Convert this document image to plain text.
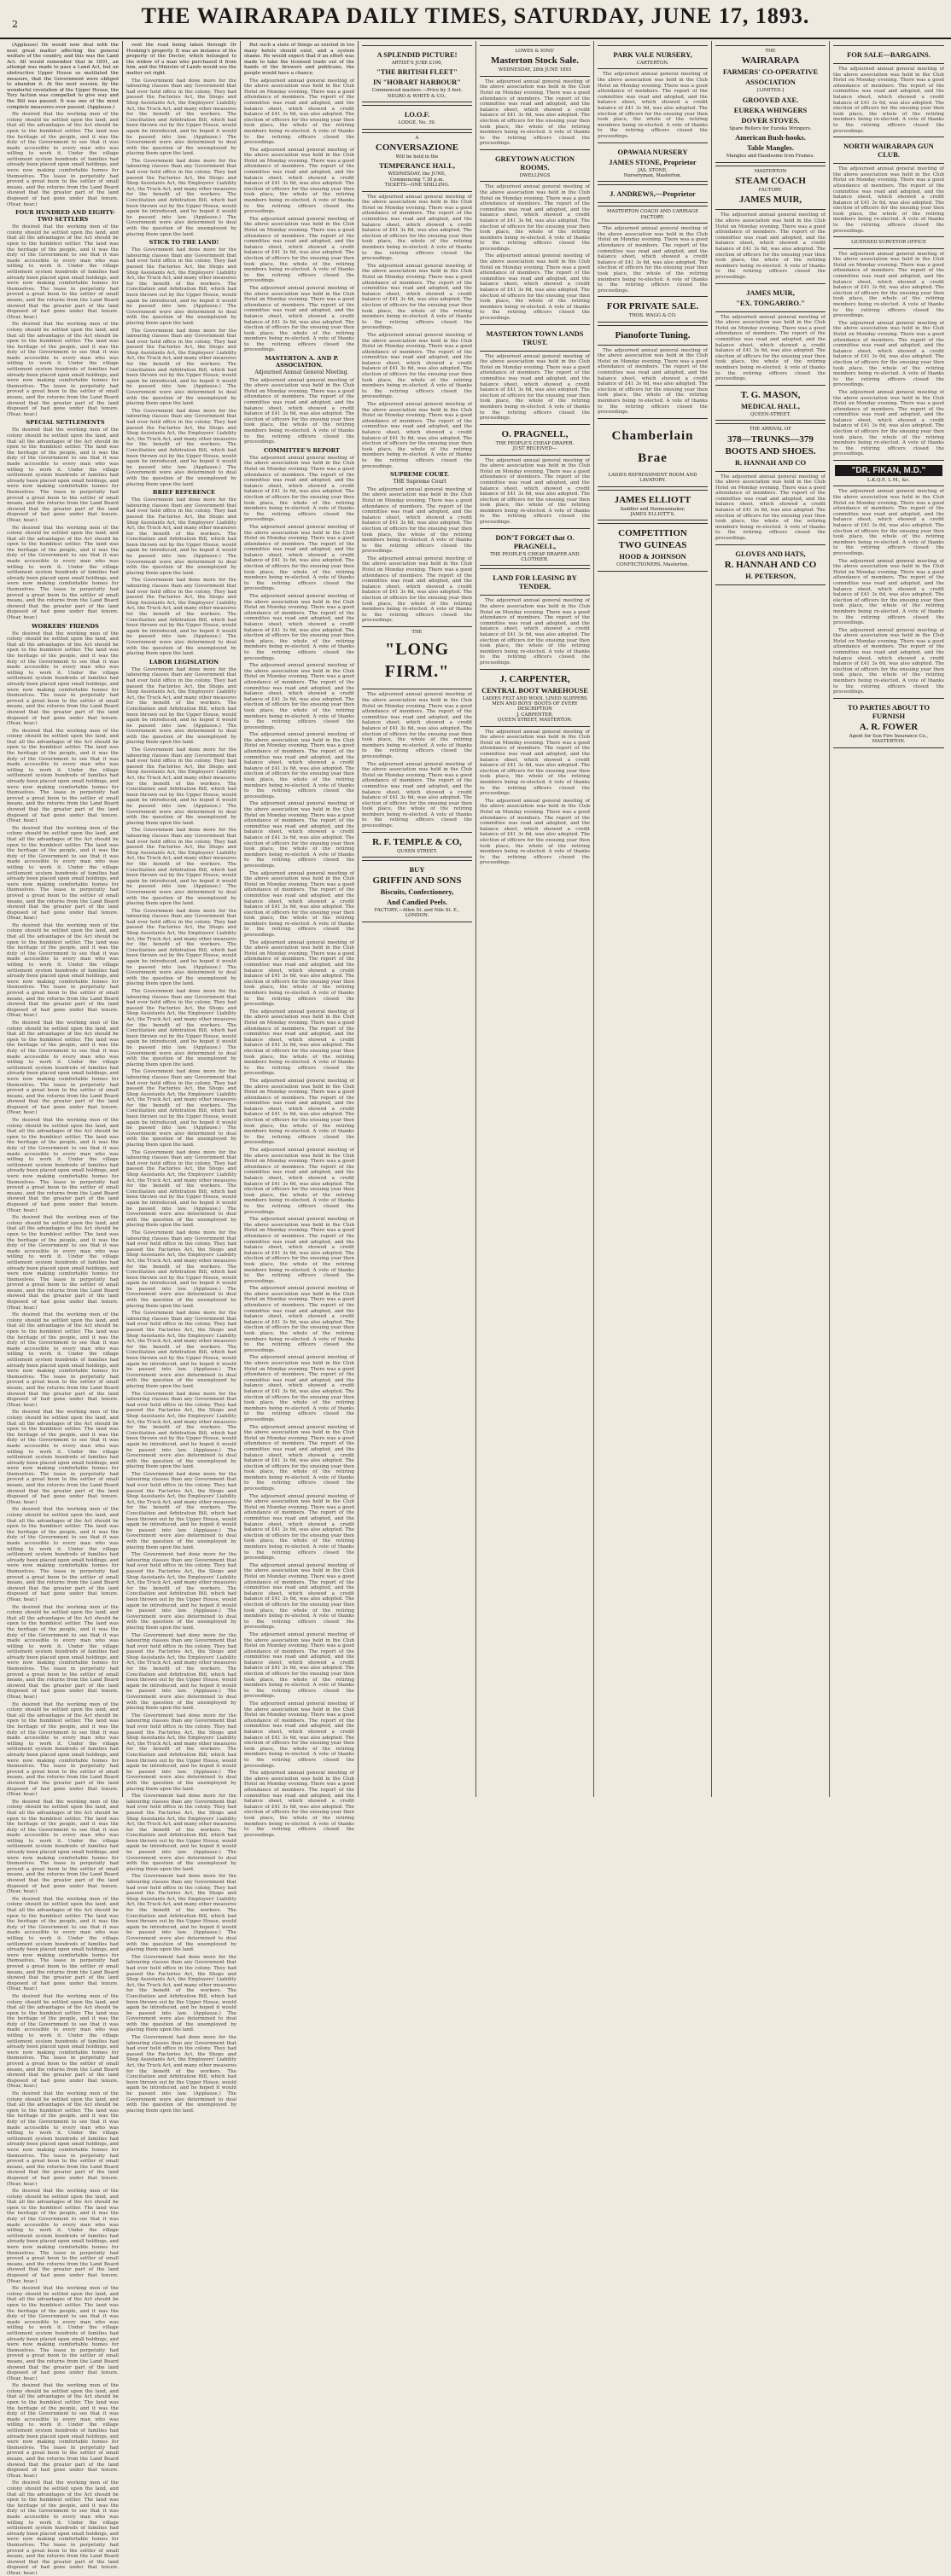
2	THE WAIRARAPA DAILY TIMES, SATURDAY, JUNE 17, 1893.

(Applause) He would now deal with the next great matter affecting the general welfare of the country, and this was the Land Act. All would remember that in 1891, an attempt was made to pass a Land Act, but an obstructive Upper House so mutilated the measure, that the Government were obliged to abandon it. At the next session, by the wonderful revelation of the Upper House, the Tory faction was compelled to give way and the Bill was passed. It was one of the most complete measures ever passed. (Applause.)

He desired that the working men of the colony should be settled upon the land, and that all the advantages of the Act should be open to the humblest settler. The land was the heritage of the people, and it was the duty of the Government to see that it was made accessible to every man who was willing to work it. Under the village settlement system hundreds of families had already been placed upon small holdings, and were now making comfortable homes for themselves. The lease in perpetuity had proved a great boon to the settler of small means, and the returns from the Land Board showed that the greater part of the land disposed of had gone under that tenure. (Hear, hear.)

FOUR HUNDRED AND EIGHTY-TWO SETTLERS

He desired that the working men of the colony should be settled upon the land, and that all the advantages of the Act should be open to the humblest settler. The land was the heritage of the people, and it was the duty of the Government to see that it was made accessible to every man who was willing to work it. Under the village settlement system hundreds of families had already been placed upon small holdings, and were now making comfortable homes for themselves. The lease in perpetuity had proved a great boon to the settler of small means, and the returns from the Land Board showed that the greater part of the land disposed of had gone under that tenure. (Hear, hear.)

He desired that the working men of the colony should be settled upon the land, and that all the advantages of the Act should be open to the humblest settler. The land was the heritage of the people, and it was the duty of the Government to see that it was made accessible to every man who was willing to work it. Under the village settlement system hundreds of families had already been placed upon small holdings, and were now making comfortable homes for themselves. The lease in perpetuity had proved a great boon to the settler of small means, and the returns from the Land Board showed that the greater part of the land disposed of had gone under that tenure. (Hear, hear.)

SPECIAL SETTLEMENTS

He desired that the working men of the colony should be settled upon the land, and that all the advantages of the Act should be open to the humblest settler. The land was the heritage of the people, and it was the duty of the Government to see that it was made accessible to every man who was willing to work it. Under the village settlement system hundreds of families had already been placed upon small holdings, and were now making comfortable homes for themselves. The lease in perpetuity had proved a great boon to the settler of small means, and the returns from the Land Board showed that the greater part of the land disposed of had gone under that tenure. (Hear, hear.)

He desired that the working men of the colony should be settled upon the land, and that all the advantages of the Act should be open to the humblest settler. The land was the heritage of the people, and it was the duty of the Government to see that it was made accessible to every man who was willing to work it. Under the village settlement system hundreds of families had already been placed upon small holdings, and were now making comfortable homes for themselves. The lease in perpetuity had proved a great boon to the settler of small means, and the returns from the Land Board showed that the greater part of the land disposed of had gone under that tenure. (Hear, hear.)

WORKERS' FRIENDS

He desired that the working men of the colony should be settled upon the land, and that all the advantages of the Act should be open to the humblest settler. The land was the heritage of the people, and it was the duty of the Government to see that it was made accessible to every man who was willing to work it. Under the village settlement system hundreds of families had already been placed upon small holdings, and were now making comfortable homes for themselves. The lease in perpetuity had proved a great boon to the settler of small means, and the returns from the Land Board showed that the greater part of the land disposed of had gone under that tenure. (Hear, hear.)

He desired that the working men of the colony should be settled upon the land, and that all the advantages of the Act should be open to the humblest settler. The land was the heritage of the people, and it was the duty of the Government to see that it was made accessible to every man who was willing to work it. Under the village settlement system hundreds of families had already been placed upon small holdings, and were now making comfortable homes for themselves. The lease in perpetuity had proved a great boon to the settler of small means, and the returns from the Land Board showed that the greater part of the land disposed of had gone under that tenure. (Hear, hear.)

He desired that the working men of the colony should be settled upon the land, and that all the advantages of the Act should be open to the humblest settler. The land was the heritage of the people, and it was the duty of the Government to see that it was made accessible to every man who was willing to work it. Under the village settlement system hundreds of families had already been placed upon small holdings, and were now making comfortable homes for themselves. The lease in perpetuity had proved a great boon to the settler of small means, and the returns from the Land Board showed that the greater part of the land disposed of had gone under that tenure. (Hear, hear.)

He desired that the working men of the colony should be settled upon the land, and that all the advantages of the Act should be open to the humblest settler. The land was the heritage of the people, and it was the duty of the Government to see that it was made accessible to every man who was willing to work it. Under the village settlement system hundreds of families had already been placed upon small holdings, and were now making comfortable homes for themselves. The lease in perpetuity had proved a great boon to the settler of small means, and the returns from the Land Board showed that the greater part of the land disposed of had gone under that tenure. (Hear, hear.)

He desired that the working men of the colony should be settled upon the land, and that all the advantages of the Act should be open to the humblest settler. The land was the heritage of the people, and it was the duty of the Government to see that it was made accessible to every man who was willing to work it. Under the village settlement system hundreds of families had already been placed upon small holdings, and were now making comfortable homes for themselves. The lease in perpetuity had proved a great boon to the settler of small means, and the returns from the Land Board showed that the greater part of the land disposed of had gone under that tenure. (Hear, hear.)

He desired that the working men of the colony should be settled upon the land, and that all the advantages of the Act should be open to the humblest settler. The land was the heritage of the people, and it was the duty of the Government to see that it was made accessible to every man who was willing to work it. Under the village settlement system hundreds of families had already been placed upon small holdings, and were now making comfortable homes for themselves. The lease in perpetuity had proved a great boon to the settler of small means, and the returns from the Land Board showed that the greater part of the land disposed of had gone under that tenure. (Hear, hear.)

He desired that the working men of the colony should be settled upon the land, and that all the advantages of the Act should be open to the humblest settler. The land was the heritage of the people, and it was the duty of the Government to see that it was made accessible to every man who was willing to work it. Under the village settlement system hundreds of families had already been placed upon small holdings, and were now making comfortable homes for themselves. The lease in perpetuity had proved a great boon to the settler of small means, and the returns from the Land Board showed that the greater part of the land disposed of had gone under that tenure. (Hear, hear.)

He desired that the working men of the colony should be settled upon the land, and that all the advantages of the Act should be open to the humblest settler. The land was the heritage of the people, and it was the duty of the Government to see that it was made accessible to every man who was willing to work it. Under the village settlement system hundreds of families had already been placed upon small holdings, and were now making comfortable homes for themselves. The lease in perpetuity had proved a great boon to the settler of small means, and the returns from the Land Board showed that the greater part of the land disposed of had gone under that tenure. (Hear, hear.)

He desired that the working men of the colony should be settled upon the land, and that all the advantages of the Act should be open to the humblest settler. The land was the heritage of the people, and it was the duty of the Government to see that it was made accessible to every man who was willing to work it. Under the village settlement system hundreds of families had already been placed upon small holdings, and were now making comfortable homes for themselves. The lease in perpetuity had proved a great boon to the settler of small means, and the returns from the Land Board showed that the greater part of the land disposed of had gone under that tenure. (Hear, hear.)

He desired that the working men of the colony should be settled upon the land, and that all the advantages of the Act should be open to the humblest settler. The land was the heritage of the people, and it was the duty of the Government to see that it was made accessible to every man who was willing to work it. Under the village settlement system hundreds of families had already been placed upon small holdings, and were now making comfortable homes for themselves. The lease in perpetuity had proved a great boon to the settler of small means, and the returns from the Land Board showed that the greater part of the land disposed of had gone under that tenure. (Hear, hear.)

He desired that the working men of the colony should be settled upon the land, and that all the advantages of the Act should be open to the humblest settler. The land was the heritage of the people, and it was the duty of the Government to see that it was made accessible to every man who was willing to work it. Under the village settlement system hundreds of families had already been placed upon small holdings, and were now making comfortable homes for themselves. The lease in perpetuity had proved a great boon to the settler of small means, and the returns from the Land Board showed that the greater part of the land disposed of had gone under that tenure. (Hear, hear.)

He desired that the working men of the colony should be settled upon the land, and that all the advantages of the Act should be open to the humblest settler. The land was the heritage of the people, and it was the duty of the Government to see that it was made accessible to every man who was willing to work it. Under the village settlement system hundreds of families had already been placed upon small holdings, and were now making comfortable homes for themselves. The lease in perpetuity had proved a great boon to the settler of small means, and the returns from the Land Board showed that the greater part of the land disposed of had gone under that tenure. (Hear, hear.)

He desired that the working men of the colony should be settled upon the land, and that all the advantages of the Act should be open to the humblest settler. The land was the heritage of the people, and it was the duty of the Government to see that it was made accessible to every man who was willing to work it. Under the village settlement system hundreds of families had already been placed upon small holdings, and were now making comfortable homes for themselves. The lease in perpetuity had proved a great boon to the settler of small means, and the returns from the Land Board showed that the greater part of the land disposed of had gone under that tenure. (Hear, hear.)

He desired that the working men of the colony should be settled upon the land, and that all the advantages of the Act should be open to the humblest settler. The land was the heritage of the people, and it was the duty of the Government to see that it was made accessible to every man who was willing to work it. Under the village settlement system hundreds of families had already been placed upon small holdings, and were now making comfortable homes for themselves. The lease in perpetuity had proved a great boon to the settler of small means, and the returns from the Land Board showed that the greater part of the land disposed of had gone under that tenure. (Hear, hear.)

He desired that the working men of the colony should be settled upon the land, and that all the advantages of the Act should be open to the humblest settler. The land was the heritage of the people, and it was the duty of the Government to see that it was made accessible to every man who was willing to work it. Under the village settlement system hundreds of families had already been placed upon small holdings, and were now making comfortable homes for themselves. The lease in perpetuity had proved a great boon to the settler of small means, and the returns from the Land Board showed that the greater part of the land disposed of had gone under that tenure. (Hear, hear.)

He desired that the working men of the colony should be settled upon the land, and that all the advantages of the Act should be open to the humblest settler. The land was the heritage of the people, and it was the duty of the Government to see that it was made accessible to every man who was willing to work it. Under the village settlement system hundreds of families had already been placed upon small holdings, and were now making comfortable homes for themselves. The lease in perpetuity had proved a great boon to the settler of small means, and the returns from the Land Board showed that the greater part of the land disposed of had gone under that tenure. (Hear, hear.)

He desired that the working men of the colony should be settled upon the land, and that all the advantages of the Act should be open to the humblest settler. The land was the heritage of the people, and it was the duty of the Government to see that it was made accessible to every man who was willing to work it. Under the village settlement system hundreds of families had already been placed upon small holdings, and were now making comfortable homes for themselves. The lease in perpetuity had proved a great boon to the settler of small means, and the returns from the Land Board showed that the greater part of the land disposed of had gone under that tenure. (Hear, hear.)

He desired that the working men of the colony should be settled upon the land, and that all the advantages of the Act should be open to the humblest settler. The land was the heritage of the people, and it was the duty of the Government to see that it was made accessible to every man who was willing to work it. Under the village settlement system hundreds of families had already been placed upon small holdings, and were now making comfortable homes for themselves. The lease in perpetuity had proved a great boon to the settler of small means, and the returns from the Land Board showed that the greater part of the land disposed of had gone under that tenure. (Hear, hear.)

He desired that the working men of the colony should be settled upon the land, and that all the advantages of the Act should be open to the humblest settler. The land was the heritage of the people, and it was the duty of the Government to see that it was made accessible to every man who was willing to work it. Under the village settlement system hundreds of families had already been placed upon small holdings, and were now making comfortable homes for themselves. The lease in perpetuity had proved a great boon to the settler of small means, and the returns from the Land Board showed that the greater part of the land disposed of had gone under that tenure. (Hear, hear.)

He desired that the working men of the colony should be settled upon the land, and that all the advantages of the Act should be open to the humblest settler. The land was the heritage of the people, and it was the duty of the Government to see that it was made accessible to every man who was willing to work it. Under the village settlement system hundreds of families had already been placed upon small holdings, and were now making comfortable homes for themselves. The lease in perpetuity had proved a great boon to the settler of small means, and the returns from the Land Board showed that the greater part of the land disposed of had gone under that tenure. (Hear, hear.)

vent the road being taken through Dr Hosking's property. It was an instance of the property of the Doctor, which belonged to the widow of a man who purchased it from him, and the Minister of Lands would see the matter set right.

The Government had done more for the labouring classes than any Government that had ever held office in the colony. They had passed the Factories Act, the Shops and Shop Assistants Act, the Employers' Liability Act, the Truck Act, and many other measures for the benefit of the workers. The Conciliation and Arbitration Bill, which had been thrown out by the Upper House, would again be introduced, and he hoped it would be passed into law. (Applause.) The Government were also determined to deal with the question of the unemployed by placing them upon the land.

The Government had done more for the labouring classes than any Government that had ever held office in the colony. They had passed the Factories Act, the Shops and Shop Assistants Act, the Employers' Liability Act, the Truck Act, and many other measures for the benefit of the workers. The Conciliation and Arbitration Bill, which had been thrown out by the Upper House, would again be introduced, and he hoped it would be passed into law. (Applause.) The Government were also determined to deal with the question of the unemployed by placing them upon the land.

STICK TO THE LAND!

The Government had done more for the labouring classes than any Government that had ever held office in the colony. They had passed the Factories Act, the Shops and Shop Assistants Act, the Employers' Liability Act, the Truck Act, and many other measures for the benefit of the workers. The Conciliation and Arbitration Bill, which had been thrown out by the Upper House, would again be introduced, and he hoped it would be passed into law. (Applause.) The Government were also determined to deal with the question of the unemployed by placing them upon the land.

The Government had done more for the labouring classes than any Government that had ever held office in the colony. They had passed the Factories Act, the Shops and Shop Assistants Act, the Employers' Liability Act, the Truck Act, and many other measures for the benefit of the workers. The Conciliation and Arbitration Bill, which had been thrown out by the Upper House, would again be introduced, and he hoped it would be passed into law. (Applause.) The Government were also determined to deal with the question of the unemployed by placing them upon the land.

The Government had done more for the labouring classes than any Government that had ever held office in the colony. They had passed the Factories Act, the Shops and Shop Assistants Act, the Employers' Liability Act, the Truck Act, and many other measures for the benefit of the workers. The Conciliation and Arbitration Bill, which had been thrown out by the Upper House, would again be introduced, and he hoped it would be passed into law. (Applause.) The Government were also determined to deal with the question of the unemployed by placing them upon the land.

BRIEF REFERENCE

The Government had done more for the labouring classes than any Government that had ever held office in the colony. They had passed the Factories Act, the Shops and Shop Assistants Act, the Employers' Liability Act, the Truck Act, and many other measures for the benefit of the workers. The Conciliation and Arbitration Bill, which had been thrown out by the Upper House, would again be introduced, and he hoped it would be passed into law. (Applause.) The Government were also determined to deal with the question of the unemployed by placing them upon the land.

The Government had done more for the labouring classes than any Government that had ever held office in the colony. They had passed the Factories Act, the Shops and Shop Assistants Act, the Employers' Liability Act, the Truck Act, and many other measures for the benefit of the workers. The Conciliation and Arbitration Bill, which had been thrown out by the Upper House, would again be introduced, and he hoped it would be passed into law. (Applause.) The Government were also determined to deal with the question of the unemployed by placing them upon the land.

LABOR LEGISLATION

The Government had done more for the labouring classes than any Government that had ever held office in the colony. They had passed the Factories Act, the Shops and Shop Assistants Act, the Employers' Liability Act, the Truck Act, and many other measures for the benefit of the workers. The Conciliation and Arbitration Bill, which had been thrown out by the Upper House, would again be introduced, and he hoped it would be passed into law. (Applause.) The Government were also determined to deal with the question of the unemployed by placing them upon the land.

The Government had done more for the labouring classes than any Government that had ever held office in the colony. They had passed the Factories Act, the Shops and Shop Assistants Act, the Employers' Liability Act, the Truck Act, and many other measures for the benefit of the workers. The Conciliation and Arbitration Bill, which had been thrown out by the Upper House, would again be introduced, and he hoped it would be passed into law. (Applause.) The Government were also determined to deal with the question of the unemployed by placing them upon the land.

The Government had done more for the labouring classes than any Government that had ever held office in the colony. They had passed the Factories Act, the Shops and Shop Assistants Act, the Employers' Liability Act, the Truck Act, and many other measures for the benefit of the workers. The Conciliation and Arbitration Bill, which had been thrown out by the Upper House, would again be introduced, and he hoped it would be passed into law. (Applause.) The Government were also determined to deal with the question of the unemployed by placing them upon the land.

The Government had done more for the labouring classes than any Government that had ever held office in the colony. They had passed the Factories Act, the Shops and Shop Assistants Act, the Employers' Liability Act, the Truck Act, and many other measures for the benefit of the workers. The Conciliation and Arbitration Bill, which had been thrown out by the Upper House, would again be introduced, and he hoped it would be passed into law. (Applause.) The Government were also determined to deal with the question of the unemployed by placing them upon the land.

The Government had done more for the labouring classes than any Government that had ever held office in the colony. They had passed the Factories Act, the Shops and Shop Assistants Act, the Employers' Liability Act, the Truck Act, and many other measures for the benefit of the workers. The Conciliation and Arbitration Bill, which had been thrown out by the Upper House, would again be introduced, and he hoped it would be passed into law. (Applause.) The Government were also determined to deal with the question of the unemployed by placing them upon the land.

The Government had done more for the labouring classes than any Government that had ever held office in the colony. They had passed the Factories Act, the Shops and Shop Assistants Act, the Employers' Liability Act, the Truck Act, and many other measures for the benefit of the workers. The Conciliation and Arbitration Bill, which had been thrown out by the Upper House, would again be introduced, and he hoped it would be passed into law. (Applause.) The Government were also determined to deal with the question of the unemployed by placing them upon the land.

The Government had done more for the labouring classes than any Government that had ever held office in the colony. They had passed the Factories Act, the Shops and Shop Assistants Act, the Employers' Liability Act, the Truck Act, and many other measures for the benefit of the workers. The Conciliation and Arbitration Bill, which had been thrown out by the Upper House, would again be introduced, and he hoped it would be passed into law. (Applause.) The Government were also determined to deal with the question of the unemployed by placing them upon the land.

The Government had done more for the labouring classes than any Government that had ever held office in the colony. They had passed the Factories Act, the Shops and Shop Assistants Act, the Employers' Liability Act, the Truck Act, and many other measures for the benefit of the workers. The Conciliation and Arbitration Bill, which had been thrown out by the Upper House, would again be introduced, and he hoped it would be passed into law. (Applause.) The Government were also determined to deal with the question of the unemployed by placing them upon the land.

The Government had done more for the labouring classes than any Government that had ever held office in the colony. They had passed the Factories Act, the Shops and Shop Assistants Act, the Employers' Liability Act, the Truck Act, and many other measures for the benefit of the workers. The Conciliation and Arbitration Bill, which had been thrown out by the Upper House, would again be introduced, and he hoped it would be passed into law. (Applause.) The Government were also determined to deal with the question of the unemployed by placing them upon the land.

The Government had done more for the labouring classes than any Government that had ever held office in the colony. They had passed the Factories Act, the Shops and Shop Assistants Act, the Employers' Liability Act, the Truck Act, and many other measures for the benefit of the workers. The Conciliation and Arbitration Bill, which had been thrown out by the Upper House, would again be introduced, and he hoped it would be passed into law. (Applause.) The Government were also determined to deal with the question of the unemployed by placing them upon the land.

The Government had done more for the labouring classes than any Government that had ever held office in the colony. They had passed the Factories Act, the Shops and Shop Assistants Act, the Employers' Liability Act, the Truck Act, and many other measures for the benefit of the workers. The Conciliation and Arbitration Bill, which had been thrown out by the Upper House, would again be introduced, and he hoped it would be passed into law. (Applause.) The Government were also determined to deal with the question of the unemployed by placing them upon the land.

The Government had done more for the labouring classes than any Government that had ever held office in the colony. They had passed the Factories Act, the Shops and Shop Assistants Act, the Employers' Liability Act, the Truck Act, and many other measures for the benefit of the workers. The Conciliation and Arbitration Bill, which had been thrown out by the Upper House, would again be introduced, and he hoped it would be passed into law. (Applause.) The Government were also determined to deal with the question of the unemployed by placing them upon the land.

The Government had done more for the labouring classes than any Government that had ever held office in the colony. They had passed the Factories Act, the Shops and Shop Assistants Act, the Employers' Liability Act, the Truck Act, and many other measures for the benefit of the workers. The Conciliation and Arbitration Bill, which had been thrown out by the Upper House, would again be introduced, and he hoped it would be passed into law. (Applause.) The Government were also determined to deal with the question of the unemployed by placing them upon the land.

The Government had done more for the labouring classes than any Government that had ever held office in the colony. They had passed the Factories Act, the Shops and Shop Assistants Act, the Employers' Liability Act, the Truck Act, and many other measures for the benefit of the workers. The Conciliation and Arbitration Bill, which had been thrown out by the Upper House, would again be introduced, and he hoped it would be passed into law. (Applause.) The Government were also determined to deal with the question of the unemployed by placing them upon the land.

The Government had done more for the labouring classes than any Government that had ever held office in the colony. They had passed the Factories Act, the Shops and Shop Assistants Act, the Employers' Liability Act, the Truck Act, and many other measures for the benefit of the workers. The Conciliation and Arbitration Bill, which had been thrown out by the Upper House, would again be introduced, and he hoped it would be passed into law. (Applause.) The Government were also determined to deal with the question of the unemployed by placing them upon the land.

The Government had done more for the labouring classes than any Government that had ever held office in the colony. They had passed the Factories Act, the Shops and Shop Assistants Act, the Employers' Liability Act, the Truck Act, and many other measures for the benefit of the workers. The Conciliation and Arbitration Bill, which had been thrown out by the Upper House, would again be introduced, and he hoped it would be passed into law. (Applause.) The Government were also determined to deal with the question of the unemployed by placing them upon the land.

The Government had done more for the labouring classes than any Government that had ever held office in the colony. They had passed the Factories Act, the Shops and Shop Assistants Act, the Employers' Liability Act, the Truck Act, and many other measures for the benefit of the workers. The Conciliation and Arbitration Bill, which had been thrown out by the Upper House, would again be introduced, and he hoped it would be passed into law. (Applause.) The Government were also determined to deal with the question of the unemployed by placing them upon the land.

The Government had done more for the labouring classes than any Government that had ever held office in the colony. They had passed the Factories Act, the Shops and Shop Assistants Act, the Employers' Liability Act, the Truck Act, and many other measures for the benefit of the workers. The Conciliation and Arbitration Bill, which had been thrown out by the Upper House, would again be introduced, and he hoped it would be passed into law. (Applause.) The Government were also determined to deal with the question of the unemployed by placing them upon the land.

But such a state of things as existed in too many hotels should exist, and a system shame. He would expect that if an effort was made to take the licensed trade out of the hands of the brewers and publicans, the people would have a chance.

The adjourned annual general meeting of the above association was held in the Club Hotel on Monday evening. There was a good attendance of members. The report of the committee was read and adopted, and the balance sheet, which showed a credit balance of £41 3s 6d, was also adopted. The election of officers for the ensuing year then took place, the whole of the retiring members being re-elected. A vote of thanks to the retiring officers closed the proceedings.

The adjourned annual general meeting of the above association was held in the Club Hotel on Monday evening. There was a good attendance of members. The report of the committee was read and adopted, and the balance sheet, which showed a credit balance of £41 3s 6d, was also adopted. The election of officers for the ensuing year then took place, the whole of the retiring members being re-elected. A vote of thanks to the retiring officers closed the proceedings.

The adjourned annual general meeting of the above association was held in the Club Hotel on Monday evening. There was a good attendance of members. The report of the committee was read and adopted, and the balance sheet, which showed a credit balance of £41 3s 6d, was also adopted. The election of officers for the ensuing year then took place, the whole of the retiring members being re-elected. A vote of thanks to the retiring officers closed the proceedings.

The adjourned annual general meeting of the above association was held in the Club Hotel on Monday evening. There was a good attendance of members. The report of the committee was read and adopted, and the balance sheet, which showed a credit balance of £41 3s 6d, was also adopted. The election of officers for the ensuing year then took place, the whole of the retiring members being re-elected. A vote of thanks to the retiring officers closed the proceedings.

MASTERTON A. AND P. ASSOCIATION.

Adjourned Annual General Meeting.

The adjourned annual general meeting of the above association was held in the Club Hotel on Monday evening. There was a good attendance of members. The report of the committee was read and adopted, and the balance sheet, which showed a credit balance of £41 3s 6d, was also adopted. The election of officers for the ensuing year then took place, the whole of the retiring members being re-elected. A vote of thanks to the retiring officers closed the proceedings.

COMMITTEE'S REPORT

The adjourned annual general meeting of the above association was held in the Club Hotel on Monday evening. There was a good attendance of members. The report of the committee was read and adopted, and the balance sheet, which showed a credit balance of £41 3s 6d, was also adopted. The election of officers for the ensuing year then took place, the whole of the retiring members being re-elected. A vote of thanks to the retiring officers closed the proceedings.

The adjourned annual general meeting of the above association was held in the Club Hotel on Monday evening. There was a good attendance of members. The report of the committee was read and adopted, and the balance sheet, which showed a credit balance of £41 3s 6d, was also adopted. The election of officers for the ensuing year then took place, the whole of the retiring members being re-elected. A vote of thanks to the retiring officers closed the proceedings.

The adjourned annual general meeting of the above association was held in the Club Hotel on Monday evening. There was a good attendance of members. The report of the committee was read and adopted, and the balance sheet, which showed a credit balance of £41 3s 6d, was also adopted. The election of officers for the ensuing year then took place, the whole of the retiring members being re-elected. A vote of thanks to the retiring officers closed the proceedings.

The adjourned annual general meeting of the above association was held in the Club Hotel on Monday evening. There was a good attendance of members. The report of the committee was read and adopted, and the balance sheet, which showed a credit balance of £41 3s 6d, was also adopted. The election of officers for the ensuing year then took place, the whole of the retiring members being re-elected. A vote of thanks to the retiring officers closed the proceedings.

The adjourned annual general meeting of the above association was held in the Club Hotel on Monday evening. There was a good attendance of members. The report of the committee was read and adopted, and the balance sheet, which showed a credit balance of £41 3s 6d, was also adopted. The election of officers for the ensuing year then took place, the whole of the retiring members being re-elected. A vote of thanks to the retiring officers closed the proceedings.

The adjourned annual general meeting of the above association was held in the Club Hotel on Monday evening. There was a good attendance of members. The report of the committee was read and adopted, and the balance sheet, which showed a credit balance of £41 3s 6d, was also adopted. The election of officers for the ensuing year then took place, the whole of the retiring members being re-elected. A vote of thanks to the retiring officers closed the proceedings.

The adjourned annual general meeting of the above association was held in the Club Hotel on Monday evening. There was a good attendance of members. The report of the committee was read and adopted, and the balance sheet, which showed a credit balance of £41 3s 6d, was also adopted. The election of officers for the ensuing year then took place, the whole of the retiring members being re-elected. A vote of thanks to the retiring officers closed the proceedings.

The adjourned annual general meeting of the above association was held in the Club Hotel on Monday evening. There was a good attendance of members. The report of the committee was read and adopted, and the balance sheet, which showed a credit balance of £41 3s 6d, was also adopted. The election of officers for the ensuing year then took place, the whole of the retiring members being re-elected. A vote of thanks to the retiring officers closed the proceedings.

The adjourned annual general meeting of the above association was held in the Club Hotel on Monday evening. There was a good attendance of members. The report of the committee was read and adopted, and the balance sheet, which showed a credit balance of £41 3s 6d, was also adopted. The election of officers for the ensuing year then took place, the whole of the retiring members being re-elected. A vote of thanks to the retiring officers closed the proceedings.

The adjourned annual general meeting of the above association was held in the Club Hotel on Monday evening. There was a good attendance of members. The report of the committee was read and adopted, and the balance sheet, which showed a credit balance of £41 3s 6d, was also adopted. The election of officers for the ensuing year then took place, the whole of the retiring members being re-elected. A vote of thanks to the retiring officers closed the proceedings.

The adjourned annual general meeting of the above association was held in the Club Hotel on Monday evening. There was a good attendance of members. The report of the committee was read and adopted, and the balance sheet, which showed a credit balance of £41 3s 6d, was also adopted. The election of officers for the ensuing year then took place, the whole of the retiring members being re-elected. A vote of thanks to the retiring officers closed the proceedings.

The adjourned annual general meeting of the above association was held in the Club Hotel on Monday evening. There was a good attendance of members. The report of the committee was read and adopted, and the balance sheet, which showed a credit balance of £41 3s 6d, was also adopted. The election of officers for the ensuing year then took place, the whole of the retiring members being re-elected. A vote of thanks to the retiring officers closed the proceedings.

The adjourned annual general meeting of the above association was held in the Club Hotel on Monday evening. There was a good attendance of members. The report of the committee was read and adopted, and the balance sheet, which showed a credit balance of £41 3s 6d, was also adopted. The election of officers for the ensuing year then took place, the whole of the retiring members being re-elected. A vote of thanks to the retiring officers closed the proceedings.

The adjourned annual general meeting of the above association was held in the Club Hotel on Monday evening. There was a good attendance of members. The report of the committee was read and adopted, and the balance sheet, which showed a credit balance of £41 3s 6d, was also adopted. The election of officers for the ensuing year then took place, the whole of the retiring members being re-elected. A vote of thanks to the retiring officers closed the proceedings.

The adjourned annual general meeting of the above association was held in the Club Hotel on Monday evening. There was a good attendance of members. The report of the committee was read and adopted, and the balance sheet, which showed a credit balance of £41 3s 6d, was also adopted. The election of officers for the ensuing year then took place, the whole of the retiring members being re-elected. A vote of thanks to the retiring officers closed the proceedings.

The adjourned annual general meeting of the above association was held in the Club Hotel on Monday evening. There was a good attendance of members. The report of the committee was read and adopted, and the balance sheet, which showed a credit balance of £41 3s 6d, was also adopted. The election of officers for the ensuing year then took place, the whole of the retiring members being re-elected. A vote of thanks to the retiring officers closed the proceedings.

The adjourned annual general meeting of the above association was held in the Club Hotel on Monday evening. There was a good attendance of members. The report of the committee was read and adopted, and the balance sheet, which showed a credit balance of £41 3s 6d, was also adopted. The election of officers for the ensuing year then took place, the whole of the retiring members being re-elected. A vote of thanks to the retiring officers closed the proceedings.

The adjourned annual general meeting of the above association was held in the Club Hotel on Monday evening. There was a good attendance of members. The report of the committee was read and adopted, and the balance sheet, which showed a credit balance of £41 3s 6d, was also adopted. The election of officers for the ensuing year then took place, the whole of the retiring members being re-elected. A vote of thanks to the retiring officers closed the proceedings.

The adjourned annual general meeting of the above association was held in the Club Hotel on Monday evening. There was a good attendance of members. The report of the committee was read and adopted, and the balance sheet, which showed a credit balance of £41 3s 6d, was also adopted. The election of officers for the ensuing year then took place, the whole of the retiring members being re-elected. A vote of thanks to the retiring officers closed the proceedings.

The adjourned annual general meeting of the above association was held in the Club Hotel on Monday evening. There was a good attendance of members. The report of the committee was read and adopted, and the balance sheet, which showed a credit balance of £41 3s 6d, was also adopted. The election of officers for the ensuing year then took place, the whole of the retiring members being re-elected. A vote of thanks to the retiring officers closed the proceedings.

A SPLENDID PICTURE!
ARTIST'S JUBE £100,
"THE BRITISH FLEET"
IN "HOBART HARBOUR"
Commenced masters.—Price by 3 feet.
NEGRO & WHITE & CO.,
I.O.O.F.
LODGE, No. 39.
A
CONVERSAZIONE
Will be held in the
TEMPERANCE HALL,
WEDNESDAY, the JUNE,
Commencing 7.30 p.m.
TICKETS—ONE SHILLING.

The adjourned annual general meeting of the above association was held in the Club Hotel on Monday evening. There was a good attendance of members. The report of the committee was read and adopted, and the balance sheet, which showed a credit balance of £41 3s 6d, was also adopted. The election of officers for the ensuing year then took place, the whole of the retiring members being re-elected. A vote of thanks to the retiring officers closed the proceedings.

The adjourned annual general meeting of the above association was held in the Club Hotel on Monday evening. There was a good attendance of members. The report of the committee was read and adopted, and the balance sheet, which showed a credit balance of £41 3s 6d, was also adopted. The election of officers for the ensuing year then took place, the whole of the retiring members being re-elected. A vote of thanks to the retiring officers closed the proceedings.

The adjourned annual general meeting of the above association was held in the Club Hotel on Monday evening. There was a good attendance of members. The report of the committee was read and adopted, and the balance sheet, which showed a credit balance of £41 3s 6d, was also adopted. The election of officers for the ensuing year then took place, the whole of the retiring members being re-elected. A vote of thanks to the retiring officers closed the proceedings.

The adjourned annual general meeting of the above association was held in the Club Hotel on Monday evening. There was a good attendance of members. The report of the committee was read and adopted, and the balance sheet, which showed a credit balance of £41 3s 6d, was also adopted. The election of officers for the ensuing year then took place, the whole of the retiring members being re-elected. A vote of thanks to the retiring officers closed the proceedings.

SUPREME COURT.

THE Supreme Court

The adjourned annual general meeting of the above association was held in the Club Hotel on Monday evening. There was a good attendance of members. The report of the committee was read and adopted, and the balance sheet, which showed a credit balance of £41 3s 6d, was also adopted. The election of officers for the ensuing year then took place, the whole of the retiring members being re-elected. A vote of thanks to the retiring officers closed the proceedings.

The adjourned annual general meeting of the above association was held in the Club Hotel on Monday evening. There was a good attendance of members. The report of the committee was read and adopted, and the balance sheet, which showed a credit balance of £41 3s 6d, was also adopted. The election of officers for the ensuing year then took place, the whole of the retiring members being re-elected. A vote of thanks to the retiring officers closed the proceedings.

THE
"LONG FIRM."

The adjourned annual general meeting of the above association was held in the Club Hotel on Monday evening. There was a good attendance of members. The report of the committee was read and adopted, and the balance sheet, which showed a credit balance of £41 3s 6d, was also adopted. The election of officers for the ensuing year then took place, the whole of the retiring members being re-elected. A vote of thanks to the retiring officers closed the proceedings.

The adjourned annual general meeting of the above association was held in the Club Hotel on Monday evening. There was a good attendance of members. The report of the committee was read and adopted, and the balance sheet, which showed a credit balance of £41 3s 6d, was also adopted. The election of officers for the ensuing year then took place, the whole of the retiring members being re-elected. A vote of thanks to the retiring officers closed the proceedings.

R. F. TEMPLE & CO,
QUEEN STREET.
BUY
GRIFFIN AND SONS
Biscuits, Confectionery,
And Candied Peels.
FACTORY,—Allen St. and Nile St. E., LONDON.
LOWES & IONS'
Masterton Stock Sale.
WEDNESDAY, 28th JUNE 1893

The adjourned annual general meeting of the above association was held in the Club Hotel on Monday evening. There was a good attendance of members. The report of the committee was read and adopted, and the balance sheet, which showed a credit balance of £41 3s 6d, was also adopted. The election of officers for the ensuing year then took place, the whole of the retiring members being re-elected. A vote of thanks to the retiring officers closed the proceedings.

GREYTOWN AUCTION ROOMS.
DWELLINGS

The adjourned annual general meeting of the above association was held in the Club Hotel on Monday evening. There was a good attendance of members. The report of the committee was read and adopted, and the balance sheet, which showed a credit balance of £41 3s 6d, was also adopted. The election of officers for the ensuing year then took place, the whole of the retiring members being re-elected. A vote of thanks to the retiring officers closed the proceedings.

The adjourned annual general meeting of the above association was held in the Club Hotel on Monday evening. There was a good attendance of members. The report of the committee was read and adopted, and the balance sheet, which showed a credit balance of £41 3s 6d, was also adopted. The election of officers for the ensuing year then took place, the whole of the retiring members being re-elected. A vote of thanks to the retiring officers closed the proceedings.

MASTERTON TOWN LANDS TRUST.

The adjourned annual general meeting of the above association was held in the Club Hotel on Monday evening. There was a good attendance of members. The report of the committee was read and adopted, and the balance sheet, which showed a credit balance of £41 3s 6d, was also adopted. The election of officers for the ensuing year then took place, the whole of the retiring members being re-elected. A vote of thanks to the retiring officers closed the proceedings.

O. PRAGNELL,
THE PEOPLE'S CHEAP DRAPER.
JUST RECEIVED—

The adjourned annual general meeting of the above association was held in the Club Hotel on Monday evening. There was a good attendance of members. The report of the committee was read and adopted, and the balance sheet, which showed a credit balance of £41 3s 6d, was also adopted. The election of officers for the ensuing year then took place, the whole of the retiring members being re-elected. A vote of thanks to the retiring officers closed the proceedings.

DON'T FORGET that O. PRAGNELL,
THE PEOPLE'S CHEAP DRAPER AND CLOTHIER.
LAND FOR LEASING BY TENDER.

The adjourned annual general meeting of the above association was held in the Club Hotel on Monday evening. There was a good attendance of members. The report of the committee was read and adopted, and the balance sheet, which showed a credit balance of £41 3s 6d, was also adopted. The election of officers for the ensuing year then took place, the whole of the retiring members being re-elected. A vote of thanks to the retiring officers closed the proceedings.

J. CARPENTER,
CENTRAL BOOT WAREHOUSE
LADIES FELT AND WOOL LINED SLIPPERS
MEN AND BOYS' BOOTS OF EVERY DESCRIPTION
J. CARPENTER,
QUEEN STREET, MASTERTON.

The adjourned annual general meeting of the above association was held in the Club Hotel on Monday evening. There was a good attendance of members. The report of the committee was read and adopted, and the balance sheet, which showed a credit balance of £41 3s 6d, was also adopted. The election of officers for the ensuing year then took place, the whole of the retiring members being re-elected. A vote of thanks to the retiring officers closed the proceedings.

The adjourned annual general meeting of the above association was held in the Club Hotel on Monday evening. There was a good attendance of members. The report of the committee was read and adopted, and the balance sheet, which showed a credit balance of £41 3s 6d, was also adopted. The election of officers for the ensuing year then took place, the whole of the retiring members being re-elected. A vote of thanks to the retiring officers closed the proceedings.

PARK VALE NURSERY,
CARTERTON.

The adjourned annual general meeting of the above association was held in the Club Hotel on Monday evening. There was a good attendance of members. The report of the committee was read and adopted, and the balance sheet, which showed a credit balance of £41 3s 6d, was also adopted. The election of officers for the ensuing year then took place, the whole of the retiring members being re-elected. A vote of thanks to the retiring officers closed the proceedings.

OPAWAIA NURSERY
JAMES STONE, Proprietor
JAS. STONE,
Nurseryman, Masterton.
J. ANDREWS,—Proprietor
MASTERTON COACH AND CARRIAGE FACTORY.

The adjourned annual general meeting of the above association was held in the Club Hotel on Monday evening. There was a good attendance of members. The report of the committee was read and adopted, and the balance sheet, which showed a credit balance of £41 3s 6d, was also adopted. The election of officers for the ensuing year then took place, the whole of the retiring members being re-elected. A vote of thanks to the retiring officers closed the proceedings.

FOR PRIVATE SALE.
THOS. WAGG & CO.
Pianoforte Tuning.

The adjourned annual general meeting of the above association was held in the Club Hotel on Monday evening. There was a good attendance of members. The report of the committee was read and adopted, and the balance sheet, which showed a credit balance of £41 3s 6d, was also adopted. The election of officers for the ensuing year then took place, the whole of the retiring members being re-elected. A vote of thanks to the retiring officers closed the proceedings.

Chamberlain Brae
LADIES REFRESHMENT ROOM AND LAVATORY.
JAMES ELLIOTT
Saddler and Harnessmaker,
JAMES ELLIOTT'S.
COMPETITION
TWO GUINEAS
HOOD & JOHNSON
CONFECTIONERS, Masterton.
THE
WAIRARAPA
FARMERS' CO-OPERATIVE
ASSOCIATION
[LIMITED.]
GROOVED AXE.
EUREKA WHINGERS
DOVER STOVES.
Spare Rollers for Eureka Wringers.
American Bush-hooks.
Table Mangles.
Mangles and Handsome Iron Frames.
MASTERTON
STEAM COACH
FACTORY.
JAMES MUIR,

The adjourned annual general meeting of the above association was held in the Club Hotel on Monday evening. There was a good attendance of members. The report of the committee was read and adopted, and the balance sheet, which showed a credit balance of £41 3s 6d, was also adopted. The election of officers for the ensuing year then took place, the whole of the retiring members being re-elected. A vote of thanks to the retiring officers closed the proceedings.

JAMES MUIR,
"EX. TONGARIRO."

The adjourned annual general meeting of the above association was held in the Club Hotel on Monday evening. There was a good attendance of members. The report of the committee was read and adopted, and the balance sheet, which showed a credit balance of £41 3s 6d, was also adopted. The election of officers for the ensuing year then took place, the whole of the retiring members being re-elected. A vote of thanks to the retiring officers closed the proceedings.

T. G. MASON,
MEDICAL HALL,
QUEEN-STREET.
THE ARRIVAL OF
378—TRUNKS—379
BOOTS AND SHOES.
R. HANNAH AND CO

The adjourned annual general meeting of the above association was held in the Club Hotel on Monday evening. There was a good attendance of members. The report of the committee was read and adopted, and the balance sheet, which showed a credit balance of £41 3s 6d, was also adopted. The election of officers for the ensuing year then took place, the whole of the retiring members being re-elected. A vote of thanks to the retiring officers closed the proceedings.

GLOVES AND HATS,
R. HANNAH AND CO
H. PETERSON,
FOR SALE—BARGAINS.

The adjourned annual general meeting of the above association was held in the Club Hotel on Monday evening. There was a good attendance of members. The report of the committee was read and adopted, and the balance sheet, which showed a credit balance of £41 3s 6d, was also adopted. The election of officers for the ensuing year then took place, the whole of the retiring members being re-elected. A vote of thanks to the retiring officers closed the proceedings.

NORTH WAIRARAPA GUN CLUB.

The adjourned annual general meeting of the above association was held in the Club Hotel on Monday evening. There was a good attendance of members. The report of the committee was read and adopted, and the balance sheet, which showed a credit balance of £41 3s 6d, was also adopted. The election of officers for the ensuing year then took place, the whole of the retiring members being re-elected. A vote of thanks to the retiring officers closed the proceedings.

LICENSED SURVEYOR OFFICE

The adjourned annual general meeting of the above association was held in the Club Hotel on Monday evening. There was a good attendance of members. The report of the committee was read and adopted, and the balance sheet, which showed a credit balance of £41 3s 6d, was also adopted. The election of officers for the ensuing year then took place, the whole of the retiring members being re-elected. A vote of thanks to the retiring officers closed the proceedings.

The adjourned annual general meeting of the above association was held in the Club Hotel on Monday evening. There was a good attendance of members. The report of the committee was read and adopted, and the balance sheet, which showed a credit balance of £41 3s 6d, was also adopted. The election of officers for the ensuing year then took place, the whole of the retiring members being re-elected. A vote of thanks to the retiring officers closed the proceedings.

The adjourned annual general meeting of the above association was held in the Club Hotel on Monday evening. There was a good attendance of members. The report of the committee was read and adopted, and the balance sheet, which showed a credit balance of £41 3s 6d, was also adopted. The election of officers for the ensuing year then took place, the whole of the retiring members being re-elected. A vote of thanks to the retiring officers closed the proceedings.

"DR. FIKAN, M.D."
L.K.Q.P., L.M., &c.

The adjourned annual general meeting of the above association was held in the Club Hotel on Monday evening. There was a good attendance of members. The report of the committee was read and adopted, and the balance sheet, which showed a credit balance of £41 3s 6d, was also adopted. The election of officers for the ensuing year then took place, the whole of the retiring members being re-elected. A vote of thanks to the retiring officers closed the proceedings.

The adjourned annual general meeting of the above association was held in the Club Hotel on Monday evening. There was a good attendance of members. The report of the committee was read and adopted, and the balance sheet, which showed a credit balance of £41 3s 6d, was also adopted. The election of officers for the ensuing year then took place, the whole of the retiring members being re-elected. A vote of thanks to the retiring officers closed the proceedings.

The adjourned annual general meeting of the above association was held in the Club Hotel on Monday evening. There was a good attendance of members. The report of the committee was read and adopted, and the balance sheet, which showed a credit balance of £41 3s 6d, was also adopted. The election of officers for the ensuing year then took place, the whole of the retiring members being re-elected. A vote of thanks to the retiring officers closed the proceedings.

TO PARTIES ABOUT TO FURNISH
A. R. FOWER
Agent for Sun Fire Insurance Co., MASTERTON.
